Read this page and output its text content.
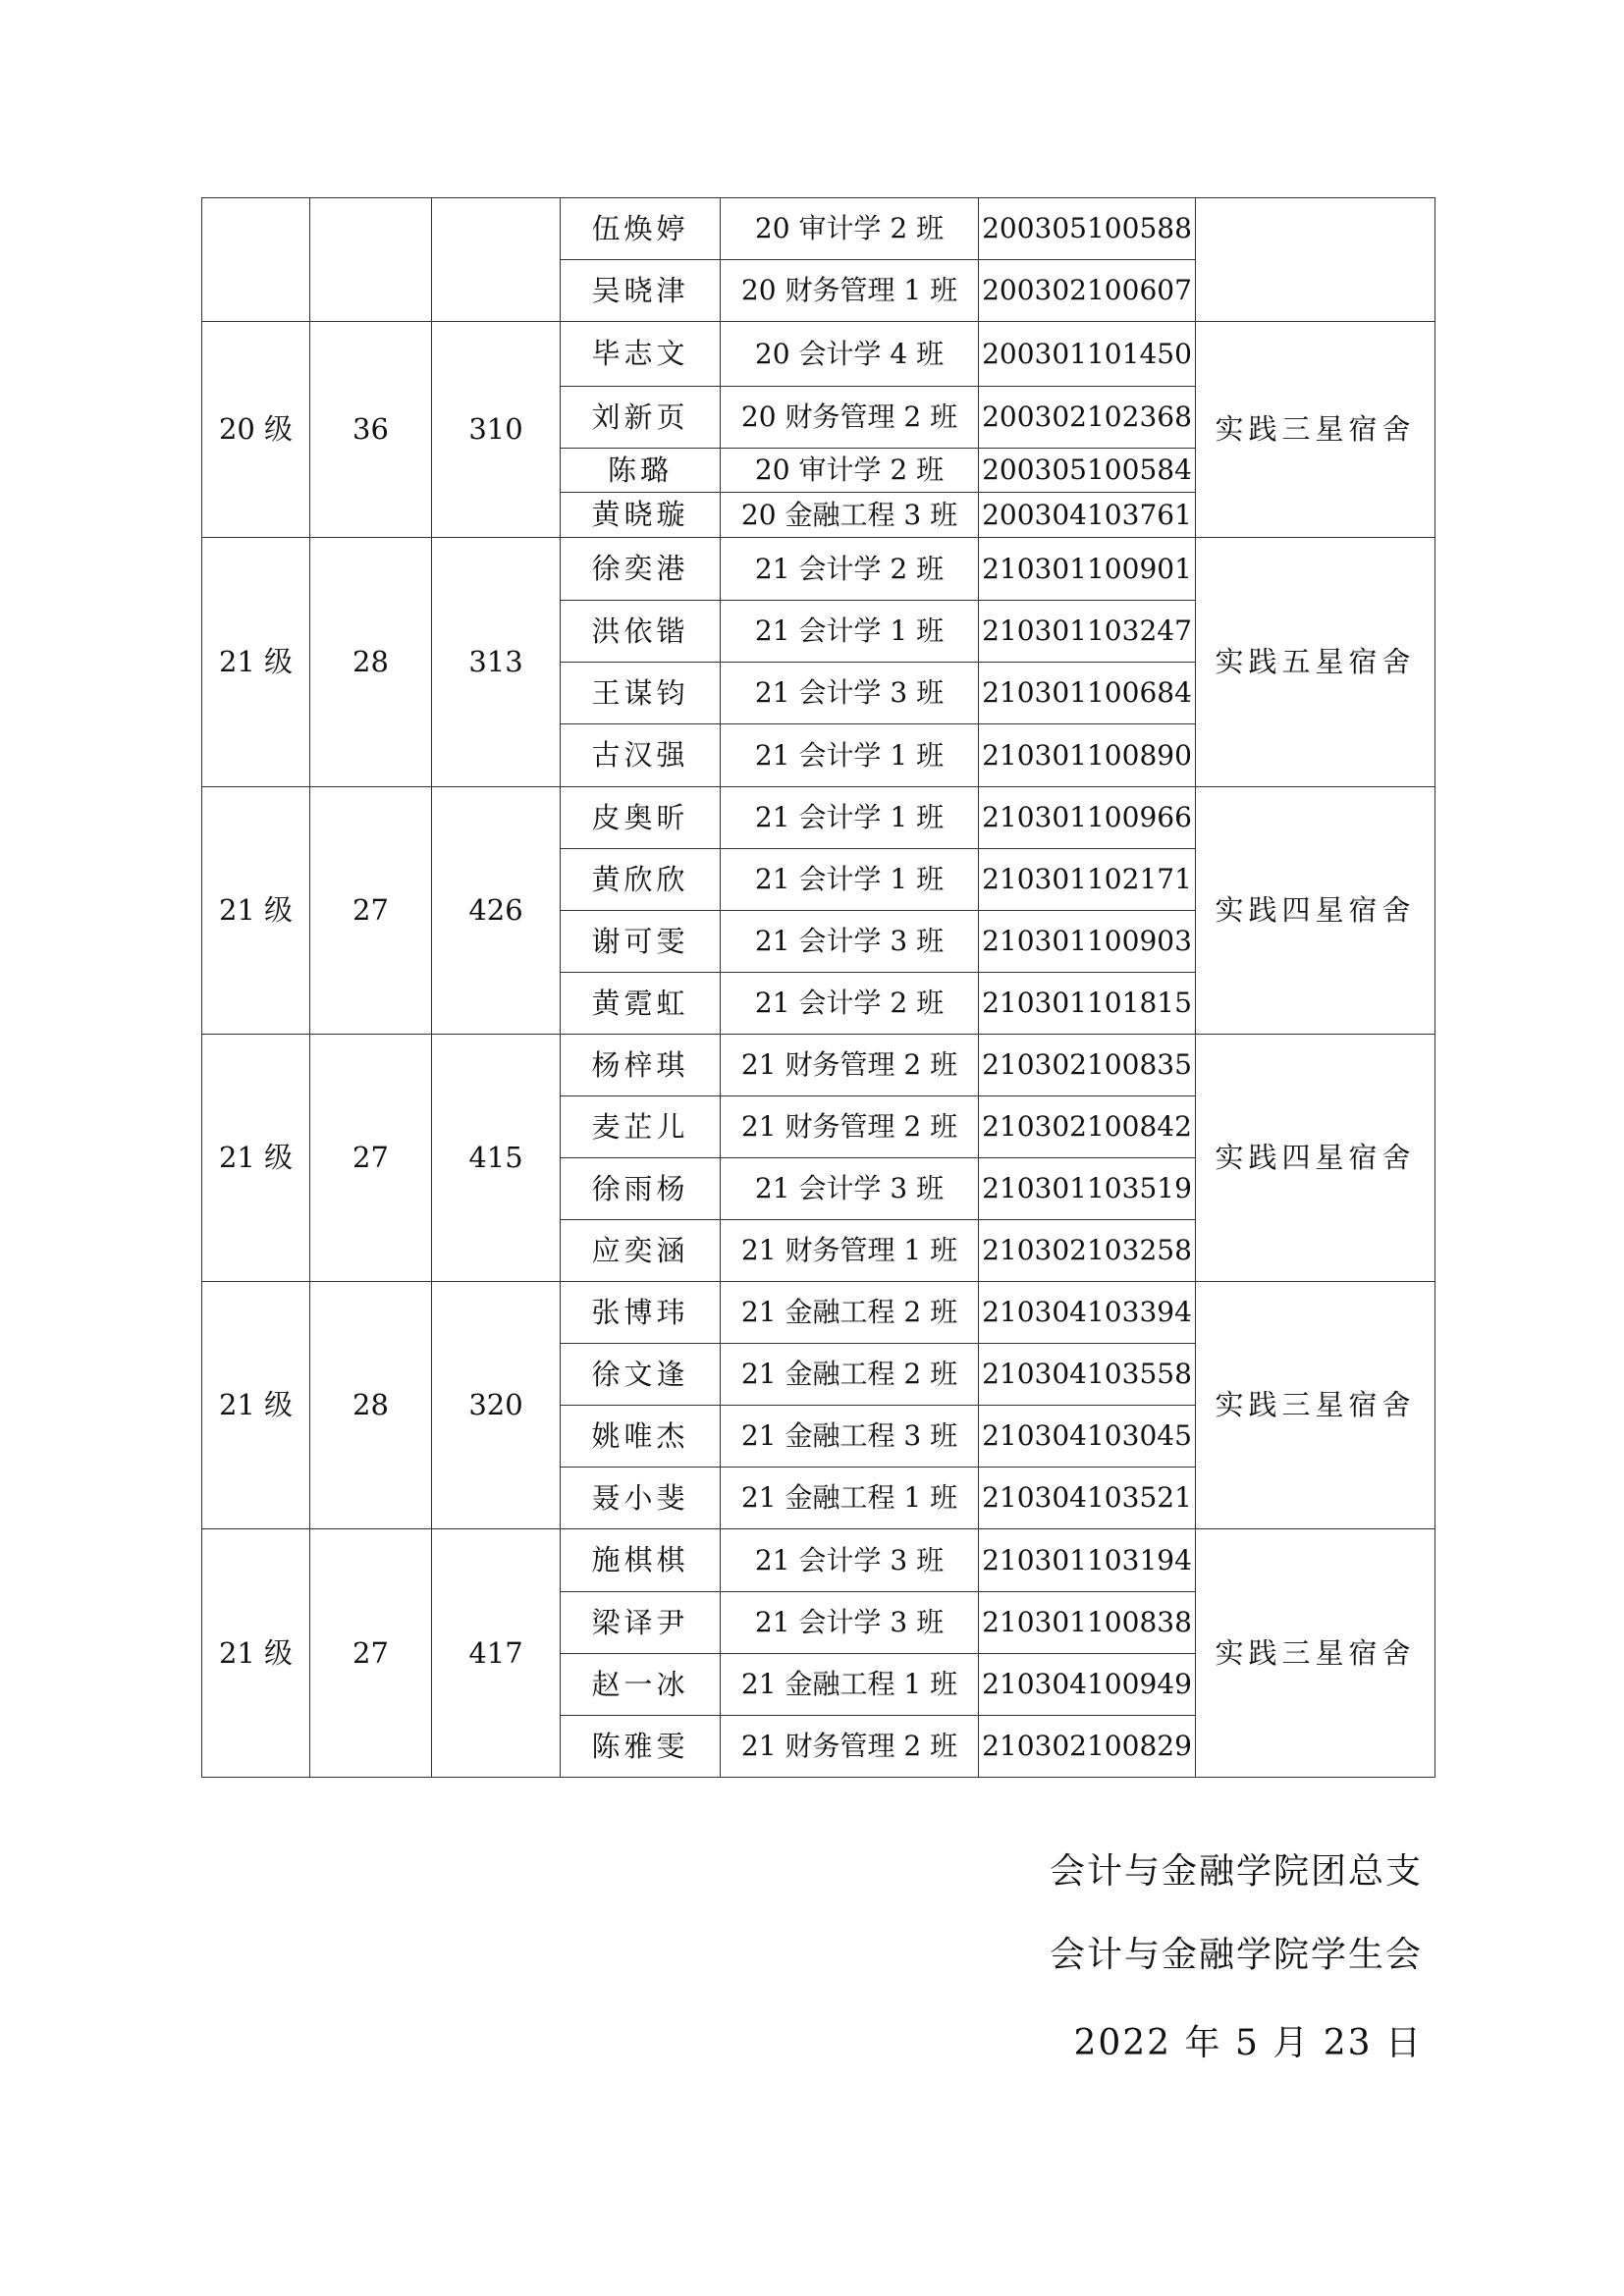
			伍焕婷	20 审计学 2 班	200305100588	
			吴晓津	20 财务管理 1 班	200302100607	
20 级	36	310	毕志文	20 会计学 4 班	200301101450	实践三星宿舍
			刘新页	20 财务管理 2 班	200302102368	
			陈璐	20 审计学 2 班	200305100584	
			黄晓璇	20 金融工程 3 班	200304103761	
21 级	28	313	徐奕港	21 会计学 2 班	210301100901	实践五星宿舍
			洪依锴	21 会计学 1 班	210301103247	
			王谋钧	21 会计学 3 班	210301100684	
			古汉强	21 会计学 1 班	210301100890	
21 级	27	426	皮奥昕	21 会计学 1 班	210301100966	实践四星宿舍
			黄欣欣	21 会计学 1 班	210301102171	
			谢可雯	21 会计学 3 班	210301100903	
			黄霓虹	21 会计学 2 班	210301101815	
21 级	27	415	杨梓琪	21 财务管理 2 班	210302100835	实践四星宿舍
			麦芷儿	21 财务管理 2 班	210302100842	
			徐雨杨	21 会计学 3 班	210301103519	
			应奕涵	21 财务管理 1 班	210302103258	
21 级	28	320	张博玮	21 金融工程 2 班	210304103394	实践三星宿舍
			徐文逢	21 金融工程 2 班	210304103558	
			姚唯杰	21 金融工程 3 班	210304103045	
			聂小斐	21 金融工程 1 班	210304103521	
21 级	27	417	施棋棋	21 会计学 3 班	210301103194	实践三星宿舍
			梁译尹	21 会计学 3 班	210301100838	
			赵一冰	21 金融工程 1 班	210304100949	
			陈雅雯	21 财务管理 2 班	210302100829	
会计与金融学院团总支
会计与金融学院学生会
2022 年 5 月 23 日
